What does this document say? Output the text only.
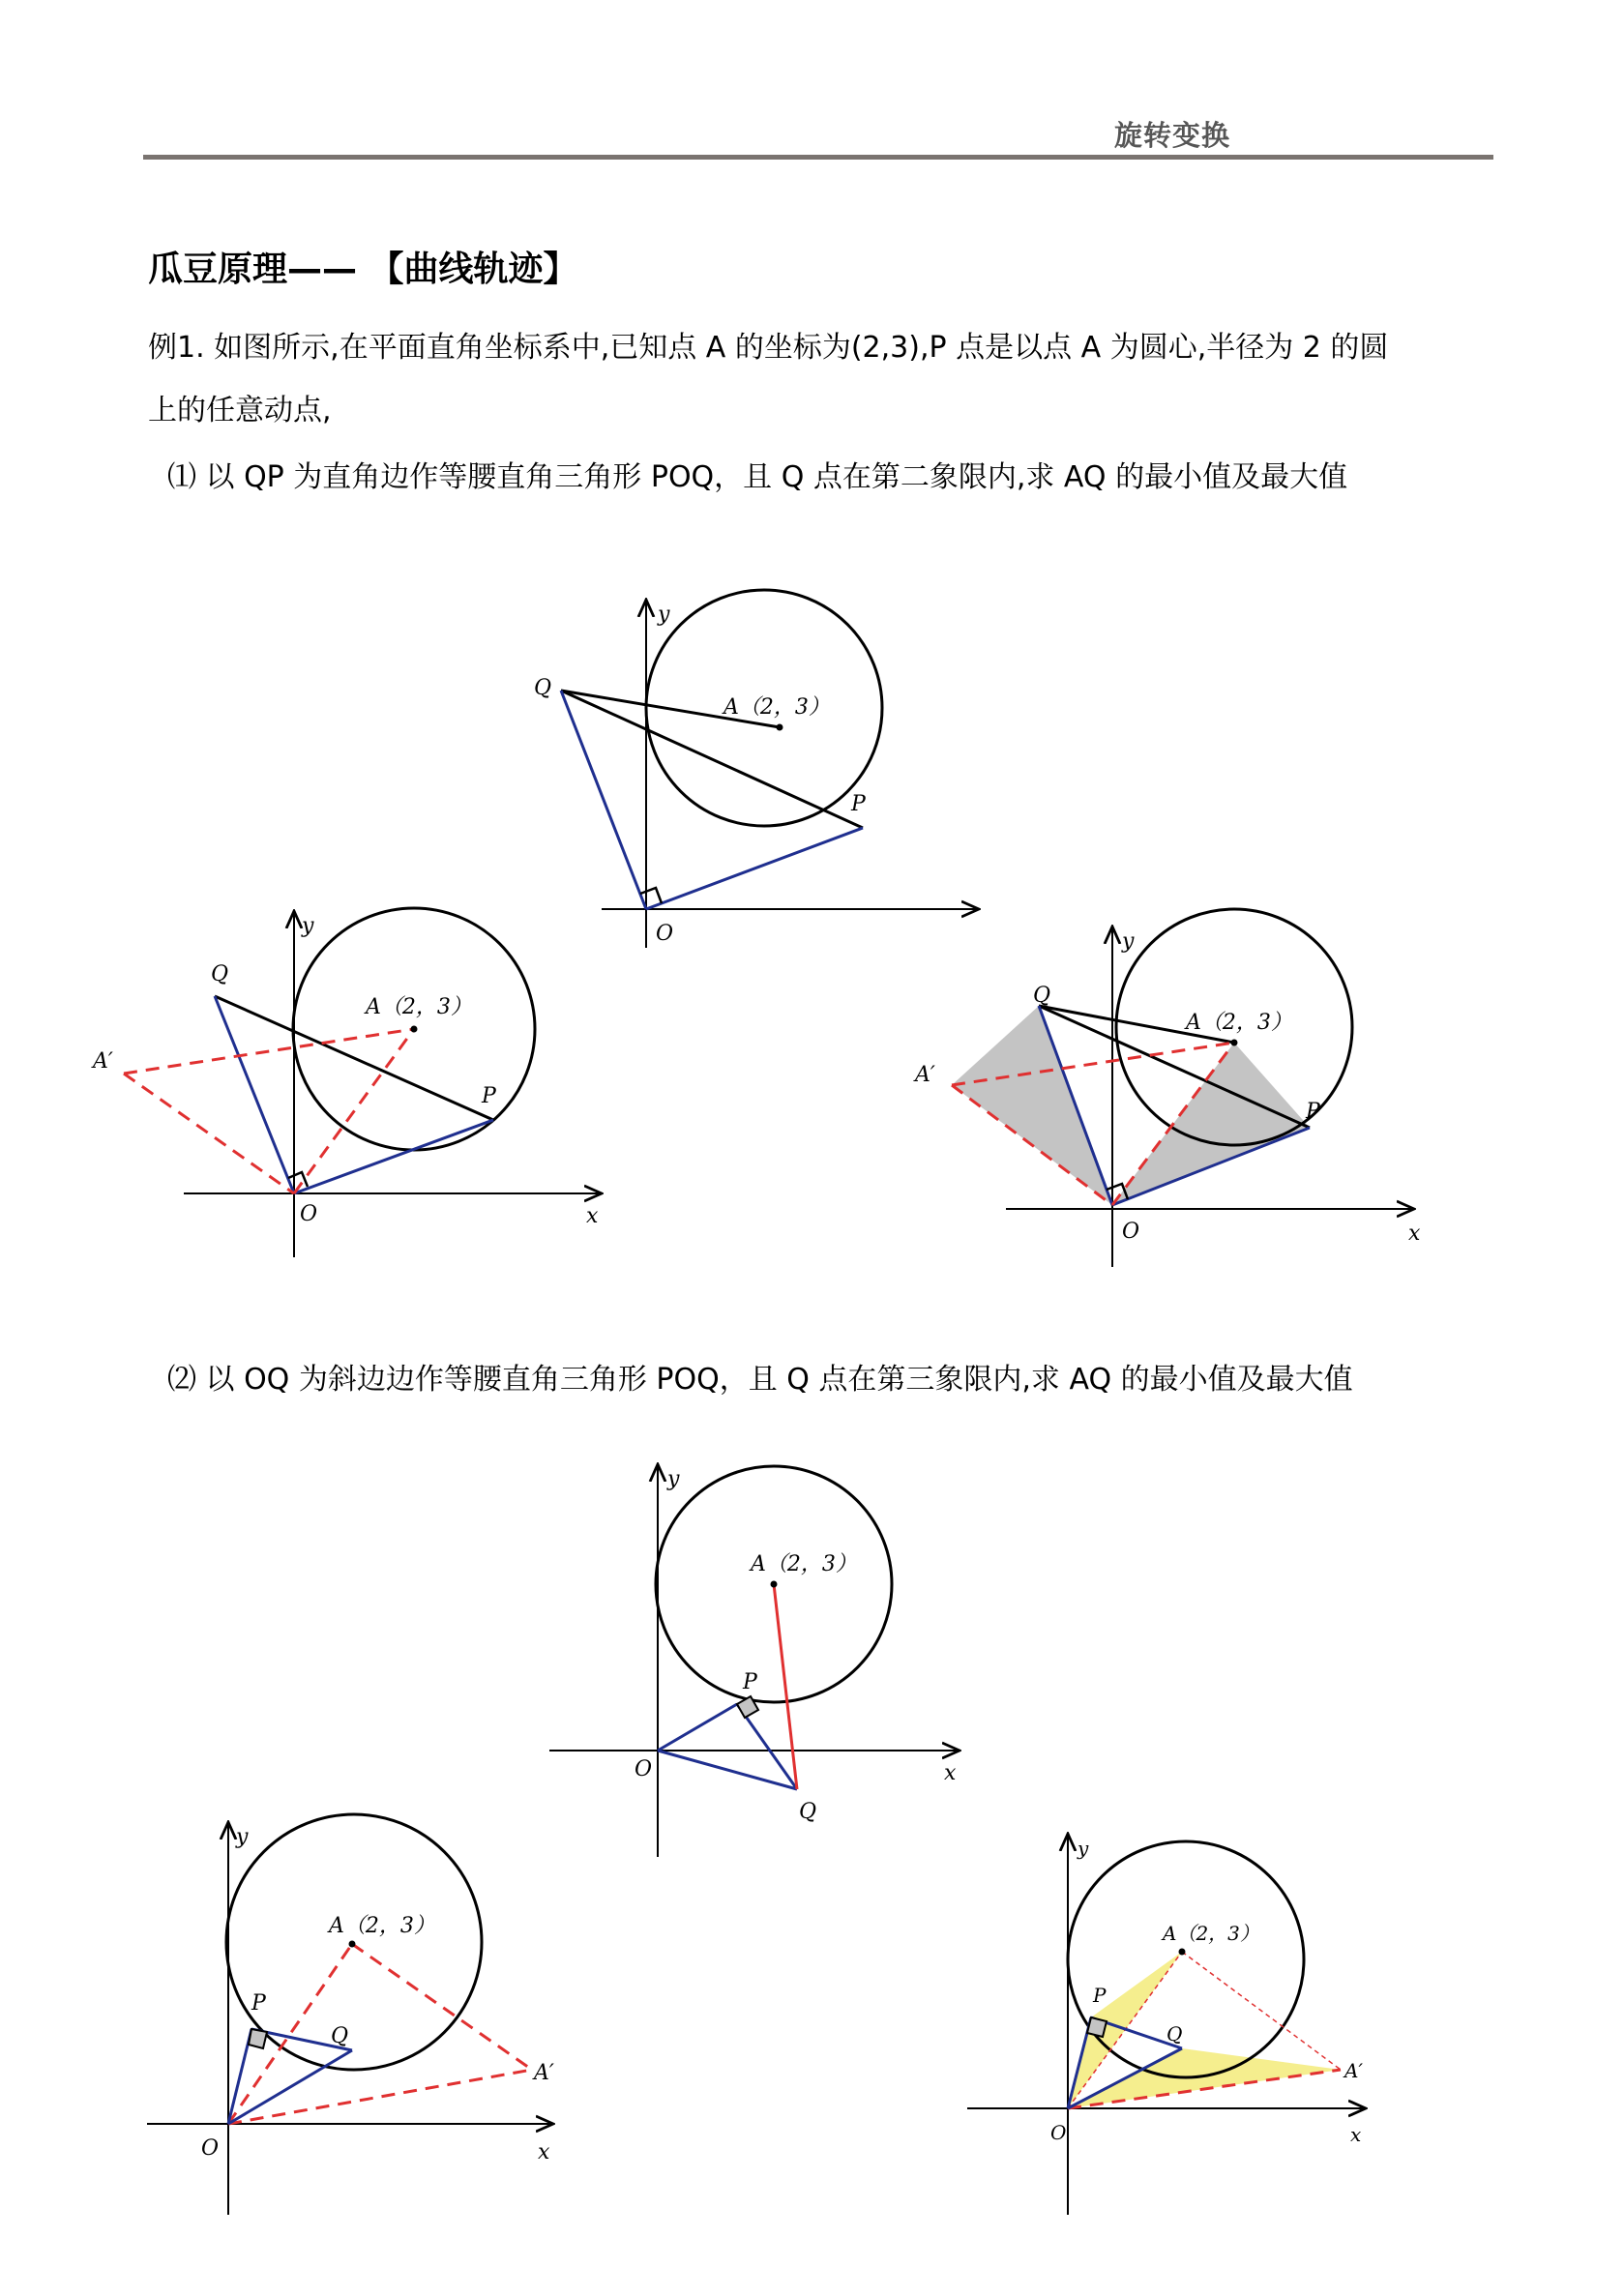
旋转变换
瓜豆原理—— 【曲线轨迹】
例1. 如图所示,在平面直角坐标系中,已知点 A 的坐标为(2,3),P 点是以点 A 为圆心,半径为 2 的圆
上的任意动点,
⑴ 以 QP 为直角边作等腰直角三角形 POQ，且 Q 点在第二象限内,求 AQ 的最小值及最大值
⑵ 以 OQ 为斜边边作等腰直角三角形 POQ，且 Q 点在第三象限内,求 AQ 的最小值及最大值
A（2，3）
Q
P
O
y
A（2，3）
A′
Q
P
O	x
y
A（2，3）
A′
Q
P
O	x
y
A（2，3）
P
Q
O	x
y
A（2，3）
A′
P
Q
O	x
y
A（2，3）
A′
P
Q
O	x
y
